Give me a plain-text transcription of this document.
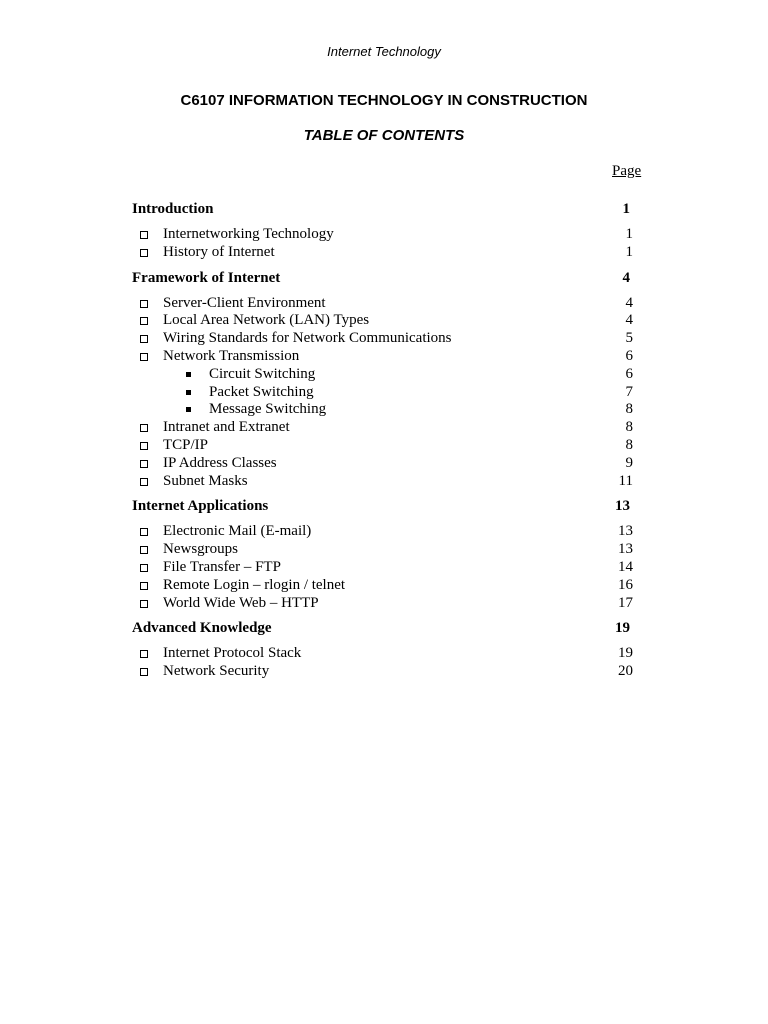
Internet Technology
C6107 INFORMATION TECHNOLOGY IN CONSTRUCTION
TABLE OF CONTENTS
Page
Introduction	1
Internetworking Technology	1
History of Internet	1
Framework of Internet	4
Server-Client Environment	4
Local Area Network (LAN) Types	4
Wiring Standards for Network Communications	5
Network Transmission	6
Circuit Switching	6
Packet Switching	7
Message Switching	8
Intranet and Extranet	8
TCP/IP	8
IP Address Classes	9
Subnet Masks	11
Internet Applications	13
Electronic Mail (E-mail)	13
Newsgroups	13
File Transfer – FTP	14
Remote Login – rlogin / telnet	16
World Wide Web – HTTP	17
Advanced Knowledge	19
Internet Protocol Stack	19
Network Security	20
